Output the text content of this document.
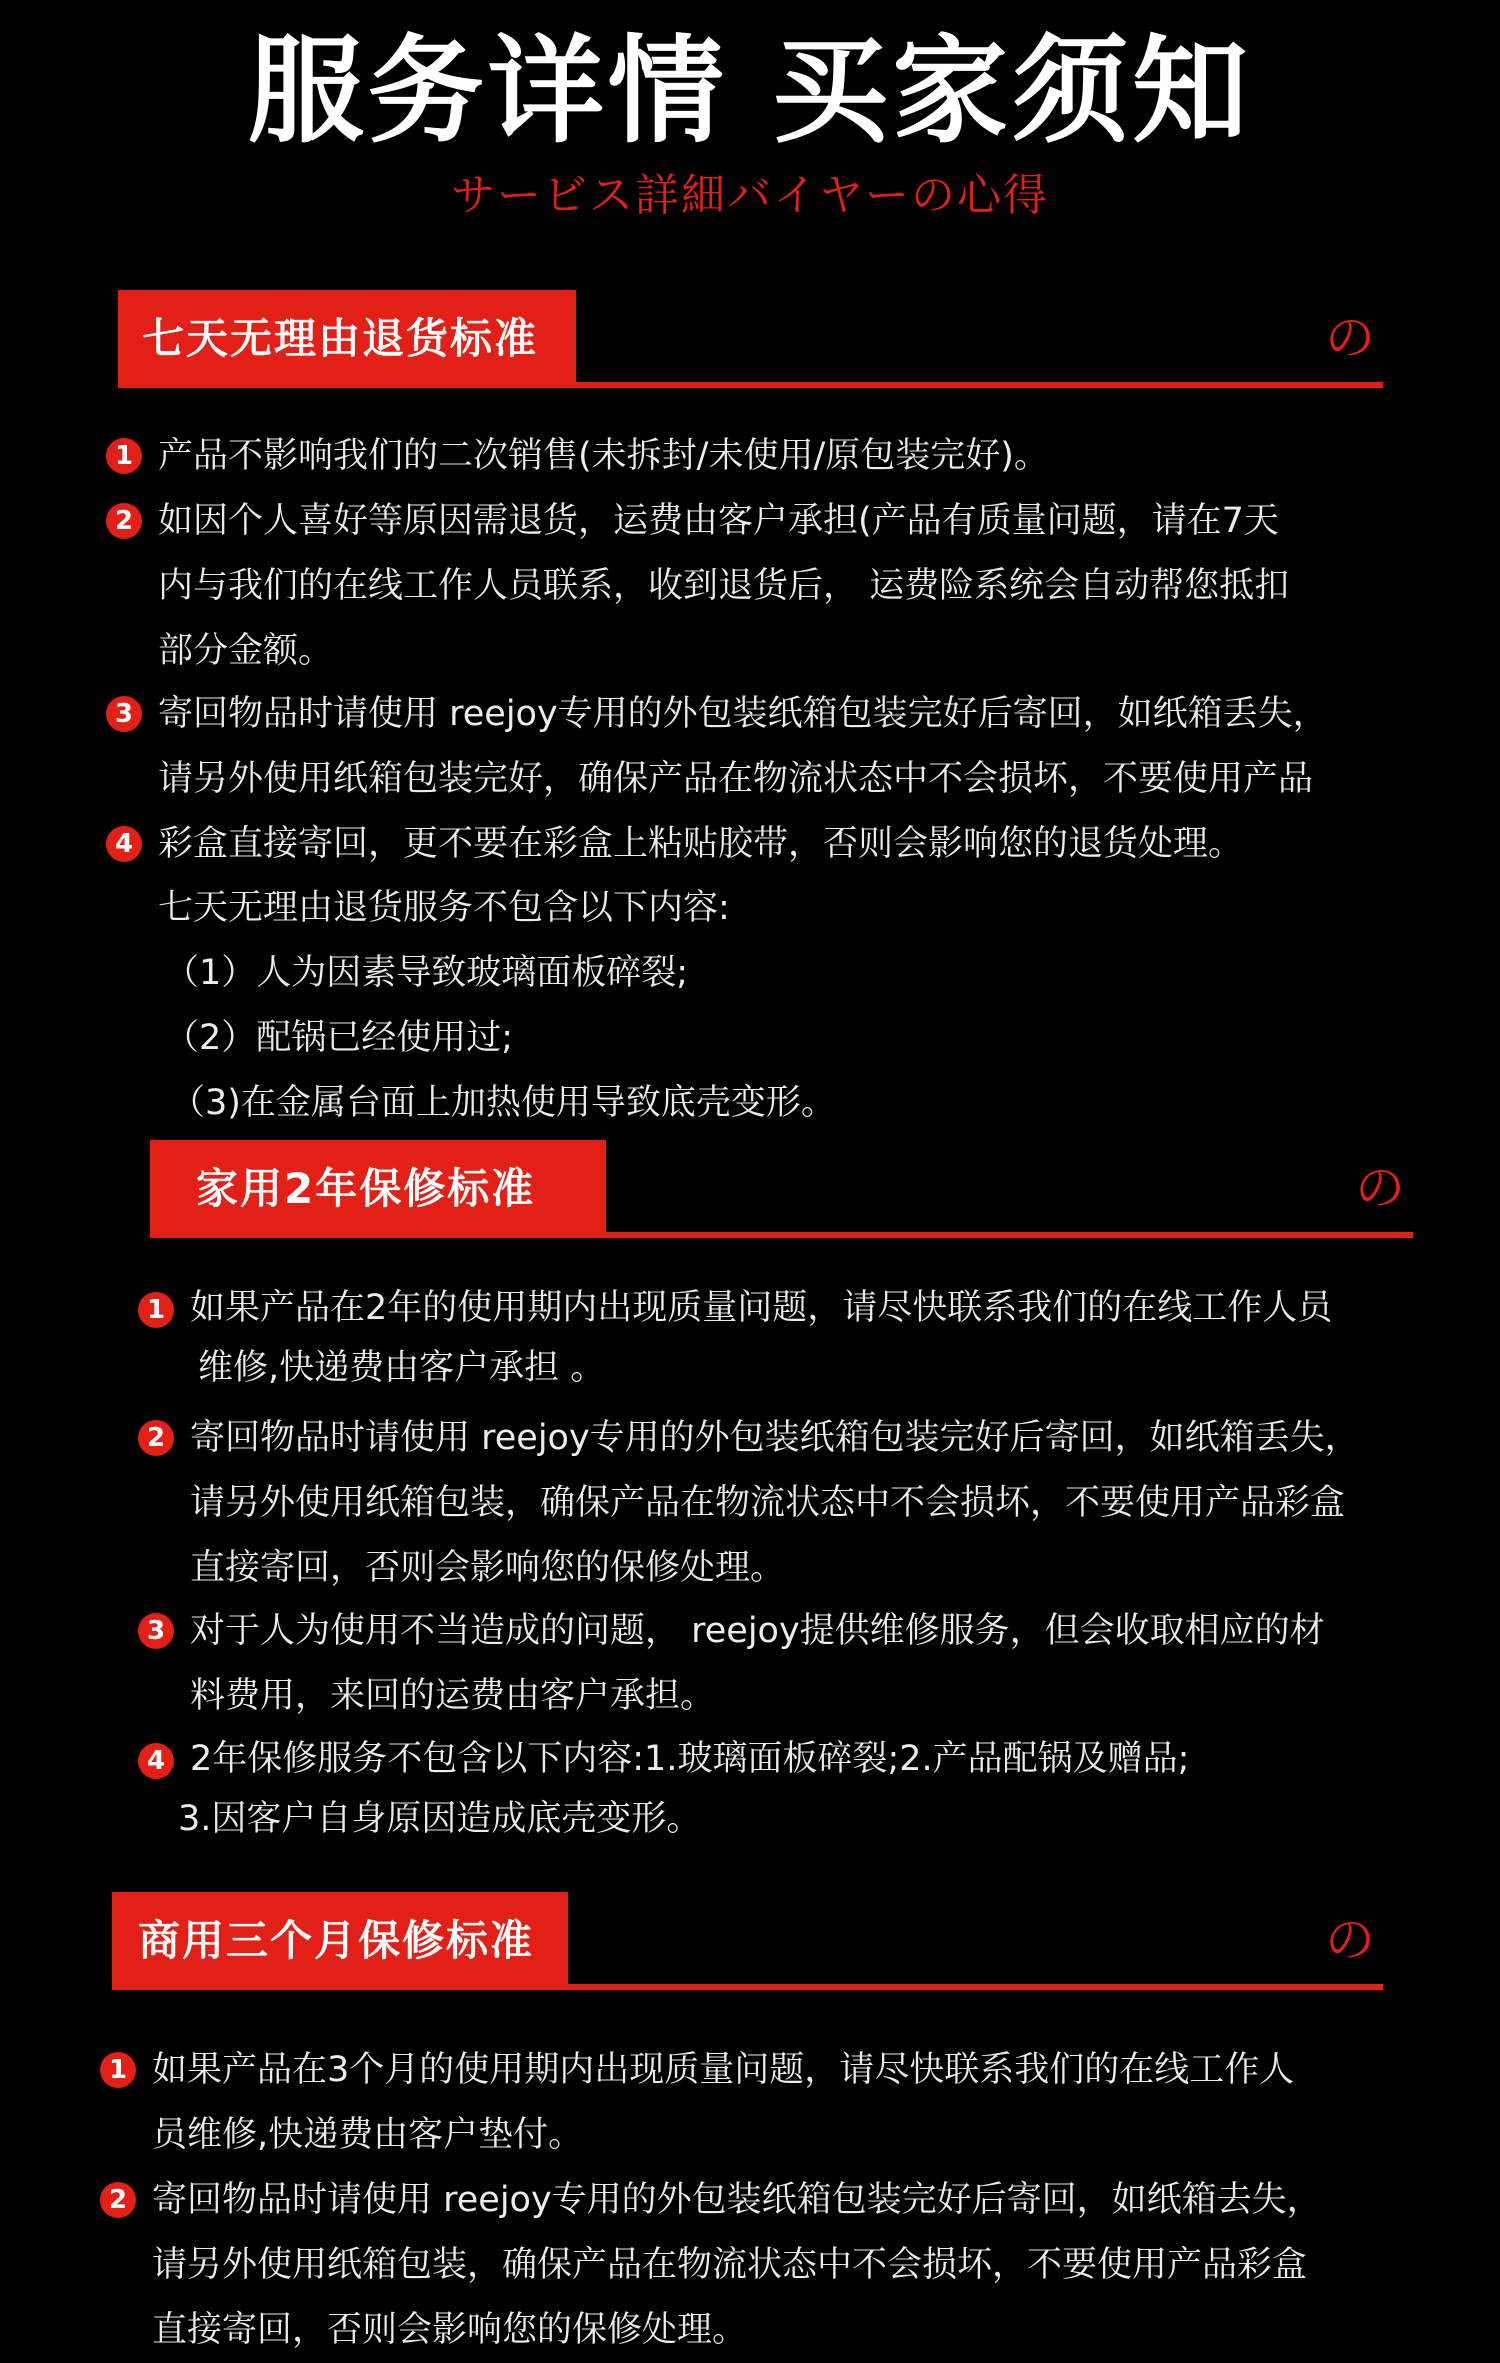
服务详情 买家须知
サービス詳細バイヤーの心得
七天无理由退货标准	の
1 产品不影响我们的二次销售(未拆封/未使用/原包装完好)。
2 如因个人喜好等原因需退货，运费由客户承担(产品有质量问题，请在7天
内与我们的在线工作人员联系，收到退货后， 运费险系统会自动帮您抵扣
部分金额。
3 寄回物品时请使用 reejoy专用的外包装纸箱包装完好后寄回，如纸箱丢失，
请另外使用纸箱包装完好，确保产品在物流状态中不会损坏，不要使用产品
4 彩盒直接寄回，更不要在彩盒上粘贴胶带，否则会影响您的退货处理。
七天无理由退货服务不包含以下内容:
（1）人为因素导致玻璃面板碎裂;
（2）配锅已经使用过;
（3)在金属台面上加热使用导致底壳变形。
家用2年保修标准	の
1 如果产品在2年的使用期内出现质量问题，请尽快联系我们的在线工作人员
维修,快递费由客户承担 。
2 寄回物品时请使用 reejoy专用的外包装纸箱包装完好后寄回，如纸箱丢失，
请另外使用纸箱包装，确保产品在物流状态中不会损坏，不要使用产品彩盒
直接寄回，否则会影响您的保修处理。
3 对于人为使用不当造成的问题， reejoy提供维修服务，但会收取相应的材
料费用，来回的运费由客户承担。
4 2年保修服务不包含以下内容:1.玻璃面板碎裂;2.产品配锅及赠品;
3.因客户自身原因造成底壳变形。
商用三个月保修标准	の
1 如果产品在3个月的使用期内出现质量问题，请尽快联系我们的在线工作人
员维修,快递费由客户垫付。
2 寄回物品时请使用 reejoy专用的外包装纸箱包装完好后寄回，如纸箱去失，
请另外使用纸箱包装，确保产品在物流状态中不会损坏，不要使用产品彩盒
直接寄回，否则会影响您的保修处理。
